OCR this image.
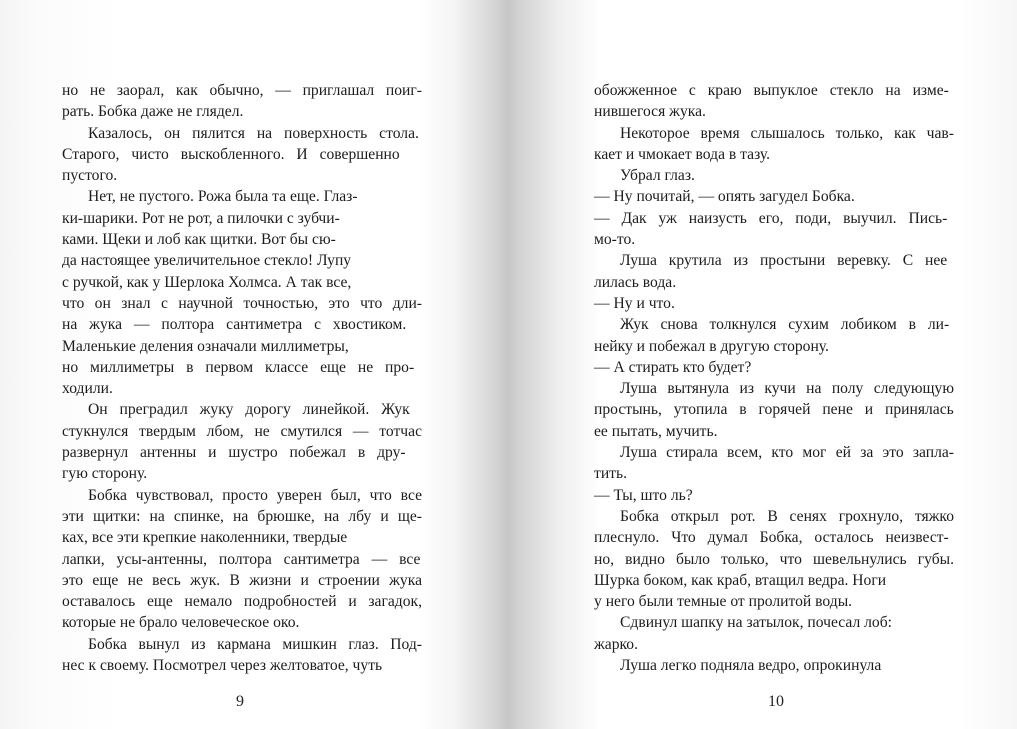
но не заорал, как обычно, — приглашал поиг-
рать. Бобка даже не глядел.
Казалось, он пялится на поверхность стола.
Старого, чисто выскобленного. И совершенно
пустого.
Нет, не пустого. Рожа была та еще. Глаз-
ки-шарики. Рот не рот, а пилочки с зубчи-
ками. Щеки и лоб как щитки. Вот бы сю-
да настоящее увеличительное стекло! Лупу
с ручкой, как у Шерлока Холмса. А так все,
что он знал с научной точностью, это что дли-
на жука — полтора сантиметра с хвостиком.
Маленькие деления означали миллиметры,
но миллиметры в первом классе еще не про-
ходили.
Он преградил жуку дорогу линейкой. Жук
стукнулся твердым лбом, не смутился — тотчас
развернул антенны и шустро побежал в дру-
гую сторону.
Бобка чувствовал, просто уверен был, что все
эти щитки: на спинке, на брюшке, на лбу и щe-
ках, все эти крепкие наколенники, твердые
лапки, усы-антенны, полтора сантиметра — все
это еще не весь жук. В жизни и строении жука
оставалось еще немало подробностей и загадок,
которые не брало человеческое око.
Бобка вынул из кармана мишкин глаз. Под-
нес к своему. Посмотрел через желтоватое, чуть
обожженное с краю выпуклое стекло на изме-
нившегося жука.
Некоторое время слышалось только, как чав-
кает и чмокает вода в тазу.
Убрал глаз.
— Ну почитай, — опять загудел Бобка.
— Дак уж наизусть его, поди, выучил. Пись-
мо-то.
Луша крутила из простыни веревку. С нее
лилась вода.
— Ну и что.
Жук снова толкнулся сухим лобиком в ли-
нейку и побежал в другую сторону.
— А стирать кто будет?
Луша вытянула из кучи на полу следующую
простынь, утопила в горячей пене и принялась
ее пытать, мучить.
Луша стирала всем, кто мог ей за это запла-
тить.
— Ты, што ль?
Бобка открыл рот. В сенях грохнуло, тяжко
плеснуло. Что думал Бобка, осталось неизвест-
но, видно было только, что шевельнулись губы.
Шурка боком, как краб, втащил ведра. Ноги
у него были темные от пролитой воды.
Сдвинул шапку на затылок, почесал лоб:
жарко.
Луша легко подняла ведро, опрокинула
9	10
